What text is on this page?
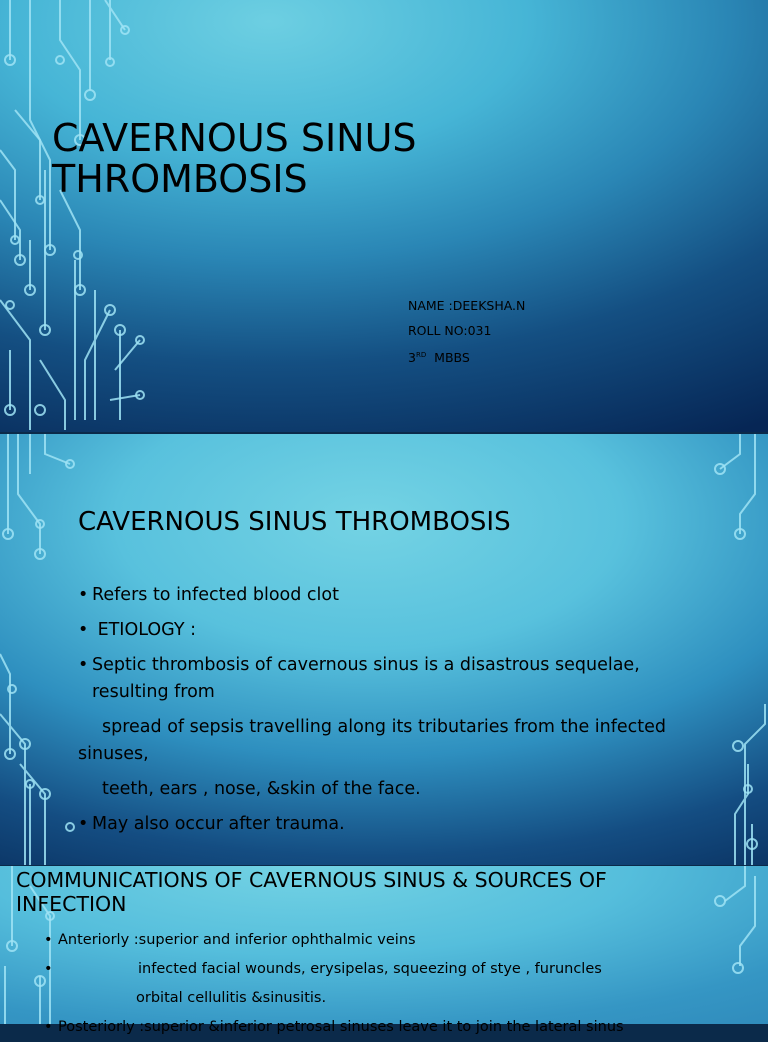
CAVERNOUS SINUS
THROMBOSIS
NAME :DEEKSHA.N
ROLL NO:031
3RD  MBBS
CAVERNOUS SINUS THROMBOSIS
• Refers to infected blood clot
• ETIOLOGY :
• Septic thrombosis of cavernous sinus is a disastrous sequelae, resulting from
spread of sepsis travelling along its tributaries from the infected sinuses,
teeth, ears , nose, &skin of the face.
• May also occur after trauma.
COMMUNICATIONS OF CAVERNOUS SINUS & SOURCES OF INFECTION
• Anteriorly :superior and inferior ophthalmic veins
•	infected facial wounds, erysipelas, squeezing of stye , furuncles
orbital cellulitis &sinusitis.
• Posteriorly :superior &inferior petrosal sinuses leave it to join the lateral sinus
